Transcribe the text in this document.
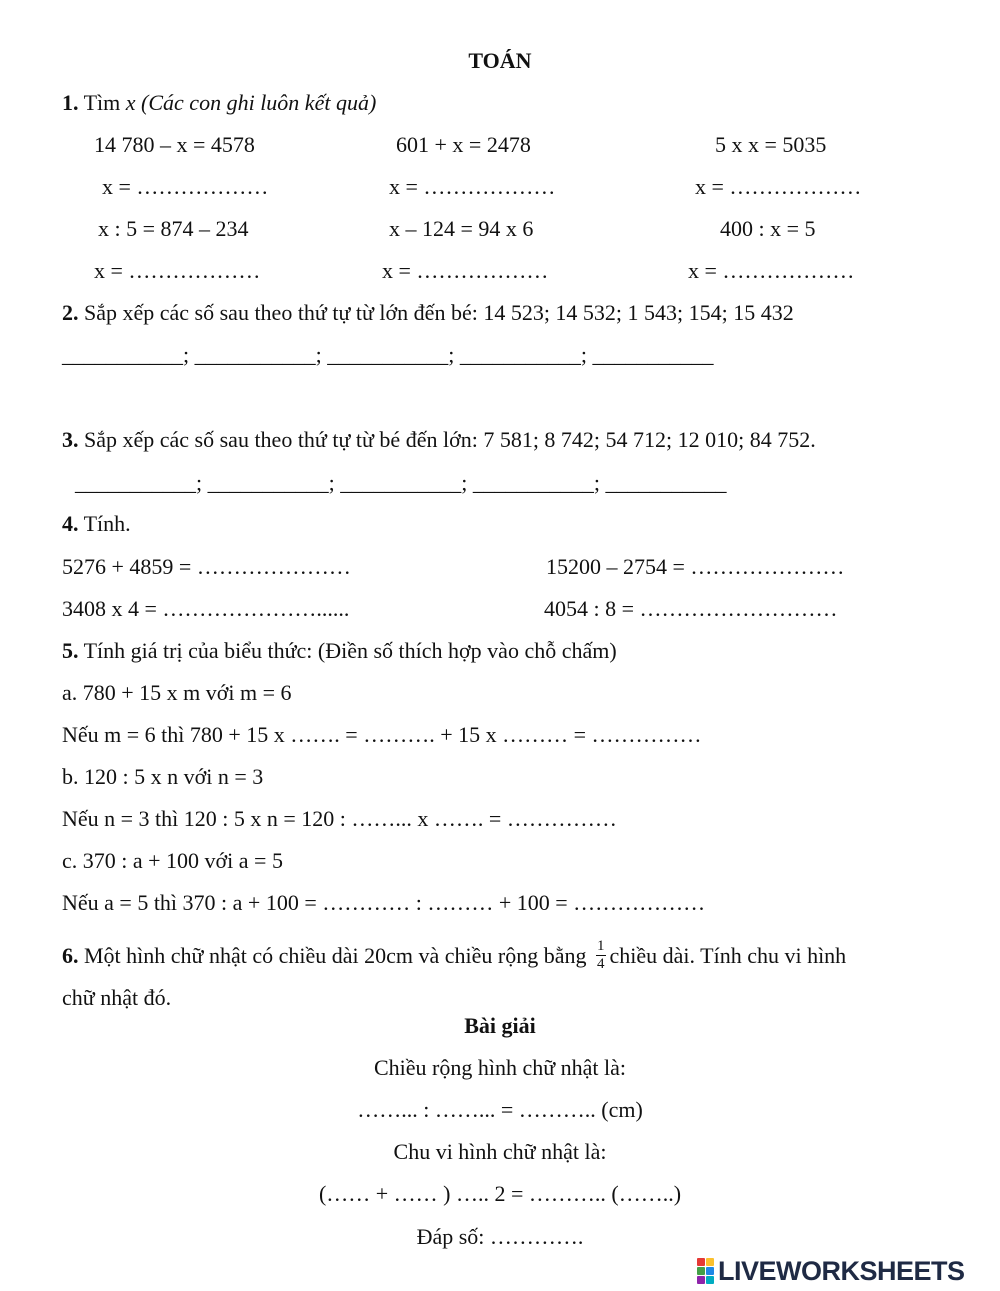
TOÁN
1. Tìm x (Các con ghi luôn kết quả)
14 780 – x = 4578	601 + x = 2478	5 x x = 5035
x = ………………	x = ………………	x = ………………
x : 5 = 874 – 234	x – 124 = 94 x 6	400 : x = 5
x = ………………	x = ………………	x = ………………
2. Sắp xếp các số sau theo thứ tự từ lớn đến bé: 14 523; 14 532; 1 543; 154; 15 432
___________; ___________; ___________; ___________; ___________
3. Sắp xếp các số sau theo thứ tự từ bé đến lớn: 7 581; 8 742; 54 712; 12 010; 84 752.
___________; ___________; ___________; ___________; ___________
4. Tính.
5276 + 4859 = …………………	15200 – 2754 = …………………
3408 x 4 = …………………......	4054 : 8 = ………………………
5. Tính giá trị của biểu thức: (Điền số thích hợp vào chỗ chấm)
a. 780 + 15 x m với m = 6
Nếu m = 6 thì 780 + 15 x ……. = ………. + 15 x ……… = ……………
b. 120 : 5 x n với n = 3
Nếu n = 3 thì 120 : 5 x n = 120 : ……... x ……. = ……………
c. 370 : a + 100 với a = 5
Nếu a = 5 thì 370 : a + 100 = ………… : ……… + 100 = ………………
6. Một hình chữ nhật có chiều dài 20cm và chiều rộng bằng $\frac{1}{4}$ chiều dài. Tính chu vi hình
chữ nhật đó.
Bài giải
Chiều rộng hình chữ nhật là:
……... : ……... = ……….. (cm)
Chu vi hình chữ nhật là:
(…… + …… ) ….. 2 = ……….. (……..)
Đáp số: ………….
LIVEWORKSHEETS
